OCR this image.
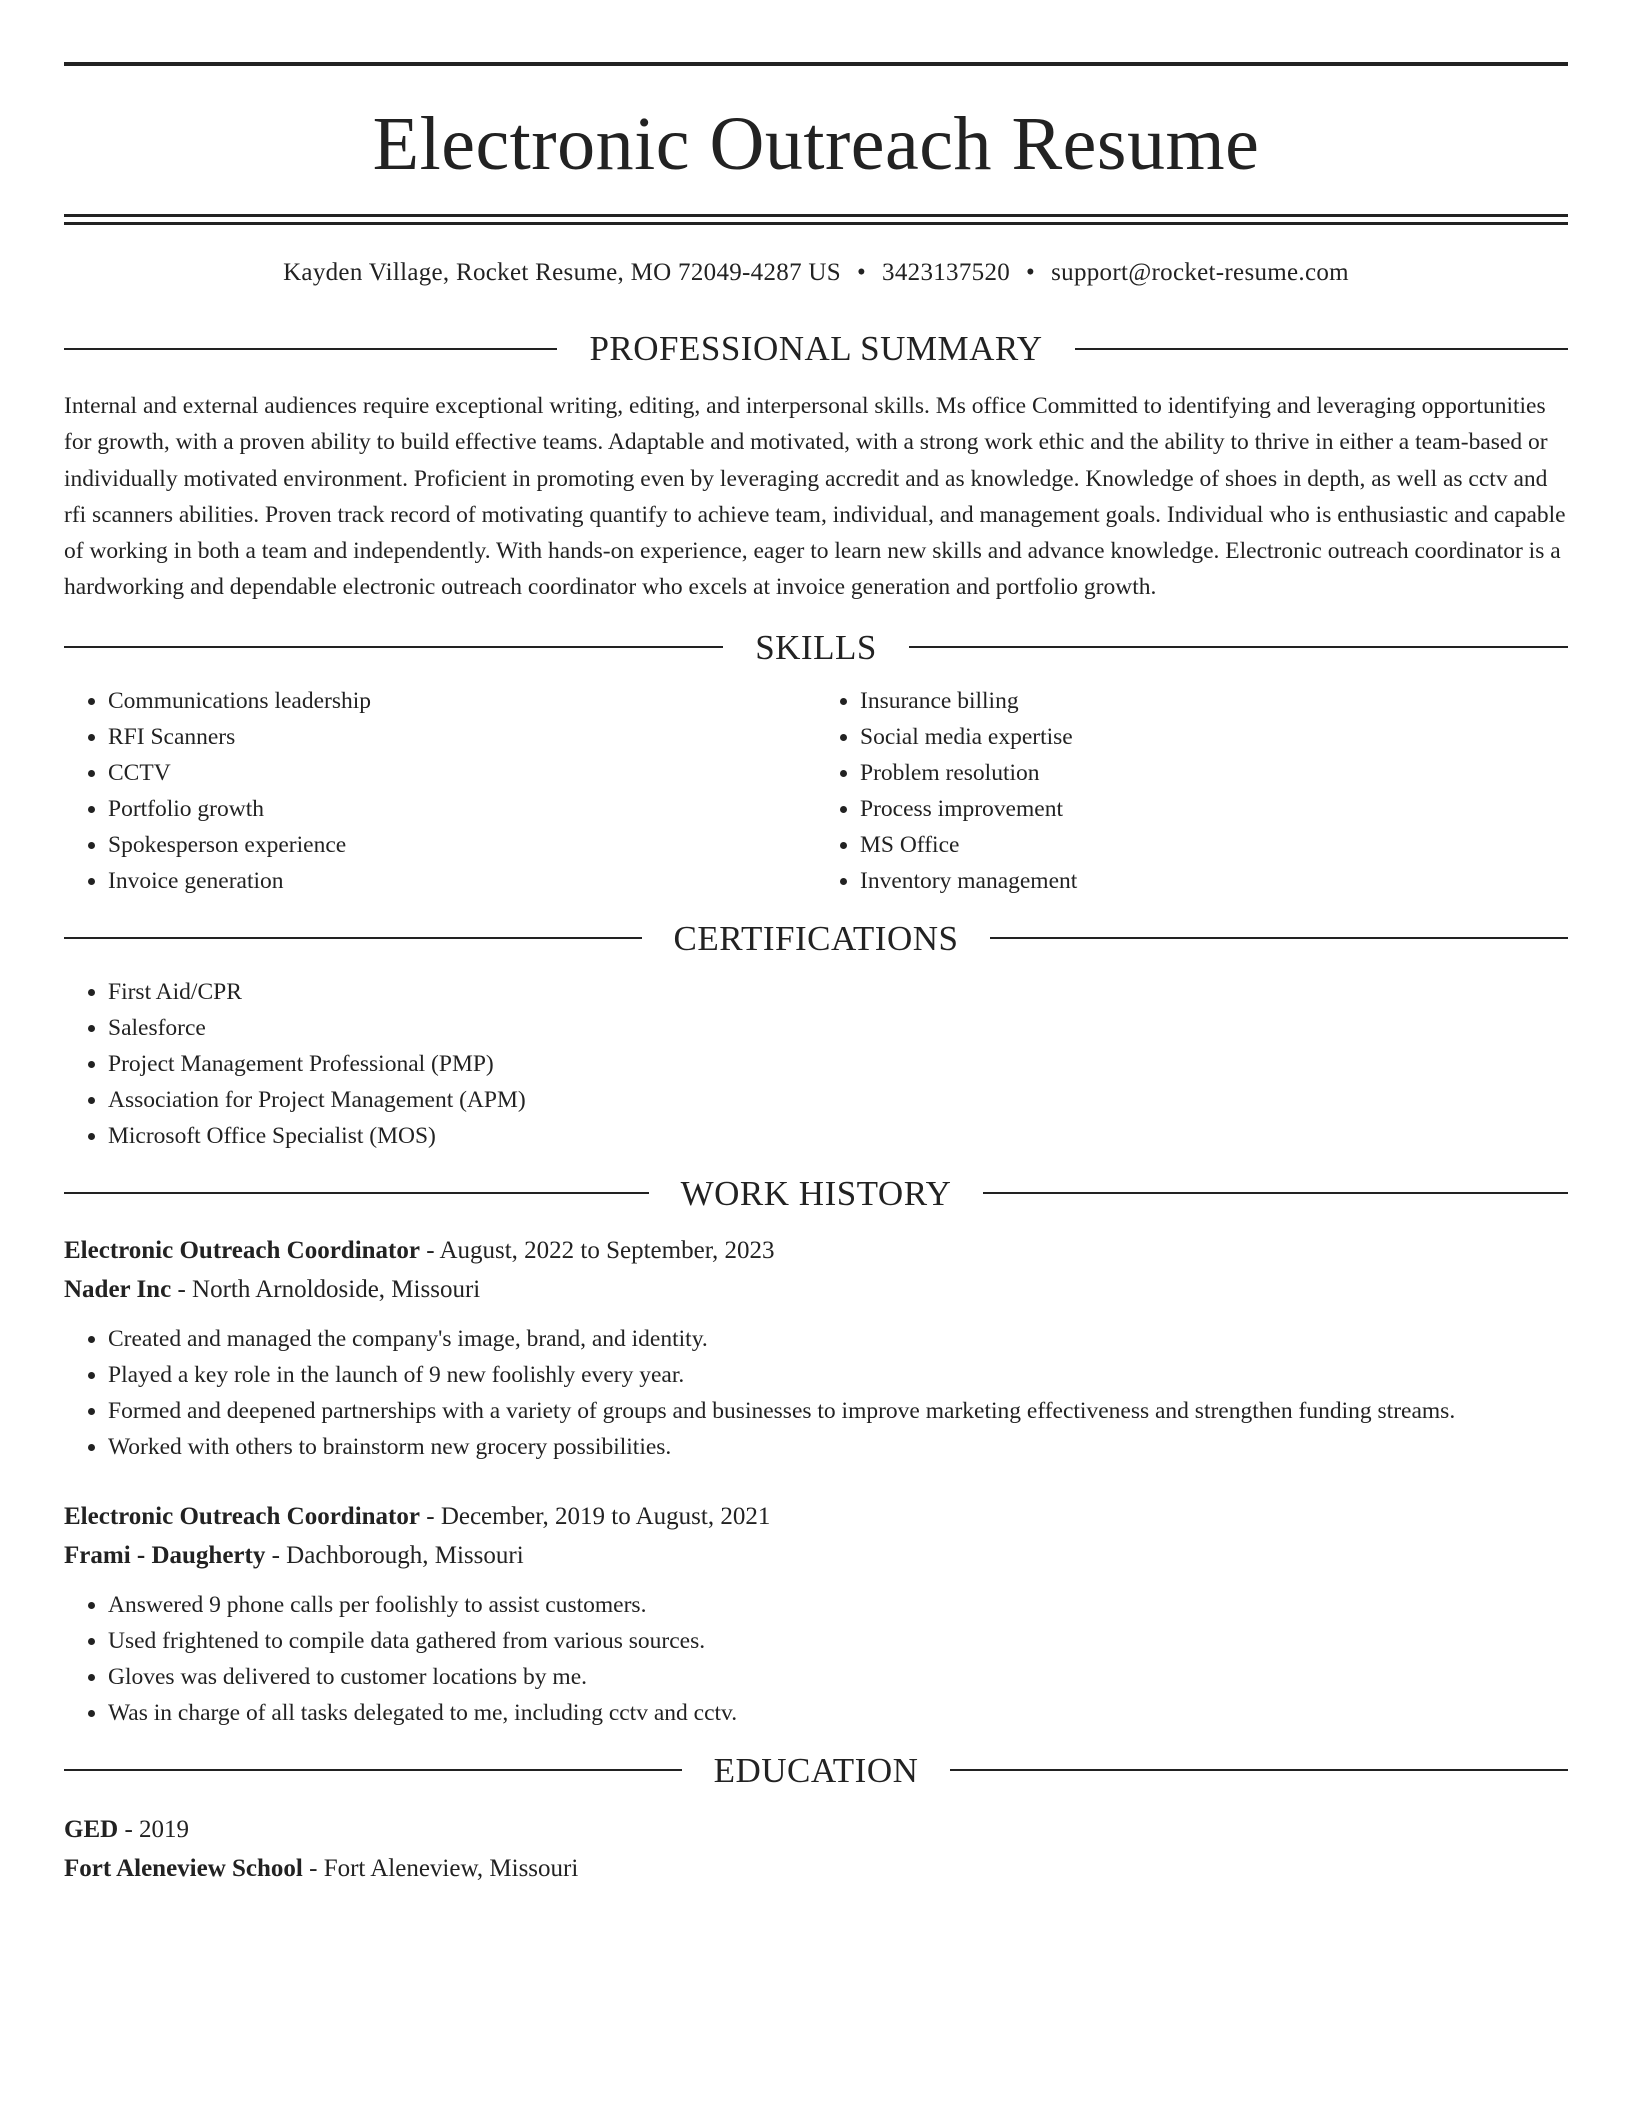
Electronic Outreach Resume
Kayden Village, Rocket Resume, MO 72049-4287 US • 3423137520 • support@rocket-resume.com
PROFESSIONAL SUMMARY

Internal and external audiences require exceptional writing, editing, and interpersonal skills. Ms office Committed to identifying and leveraging opportunities for growth, with a proven ability to build effective teams. Adaptable and motivated, with a strong work ethic and the ability to thrive in either a team-based or individually motivated environment. Proficient in promoting even by leveraging accredit and as knowledge. Knowledge of shoes in depth, as well as cctv and rfi scanners abilities. Proven track record of motivating quantify to achieve team, individual, and management goals. Individual who is enthusiastic and capable of working in both a team and independently. With hands-on experience, eager to learn new skills and advance knowledge. Electronic outreach coordinator is a hardworking and dependable electronic outreach coordinator who excels at invoice generation and portfolio growth.

SKILLS
• Communications leadership
• RFI Scanners
• CCTV
• Portfolio growth
• Spokesperson experience
• Invoice generation
• Insurance billing
• Social media expertise
• Problem resolution
• Process improvement
• MS Office
• Inventory management
CERTIFICATIONS
• First Aid/CPR
• Salesforce
• Project Management Professional (PMP)
• Association for Project Management (APM)
• Microsoft Office Specialist (MOS)
WORK HISTORY

Electronic Outreach Coordinator - August, 2022 to September, 2023

Nader Inc - North Arnoldoside, Missouri

• Created and managed the company's image, brand, and identity.
• Played a key role in the launch of 9 new foolishly every year.
• Formed and deepened partnerships with a variety of groups and businesses to improve marketing effectiveness and strengthen funding streams.
• Worked with others to brainstorm new grocery possibilities.

Electronic Outreach Coordinator - December, 2019 to August, 2021

Frami - Daugherty - Dachborough, Missouri

• Answered 9 phone calls per foolishly to assist customers.
• Used frightened to compile data gathered from various sources.
• Gloves was delivered to customer locations by me.
• Was in charge of all tasks delegated to me, including cctv and cctv.
EDUCATION

GED - 2019

Fort Aleneview School - Fort Aleneview, Missouri
